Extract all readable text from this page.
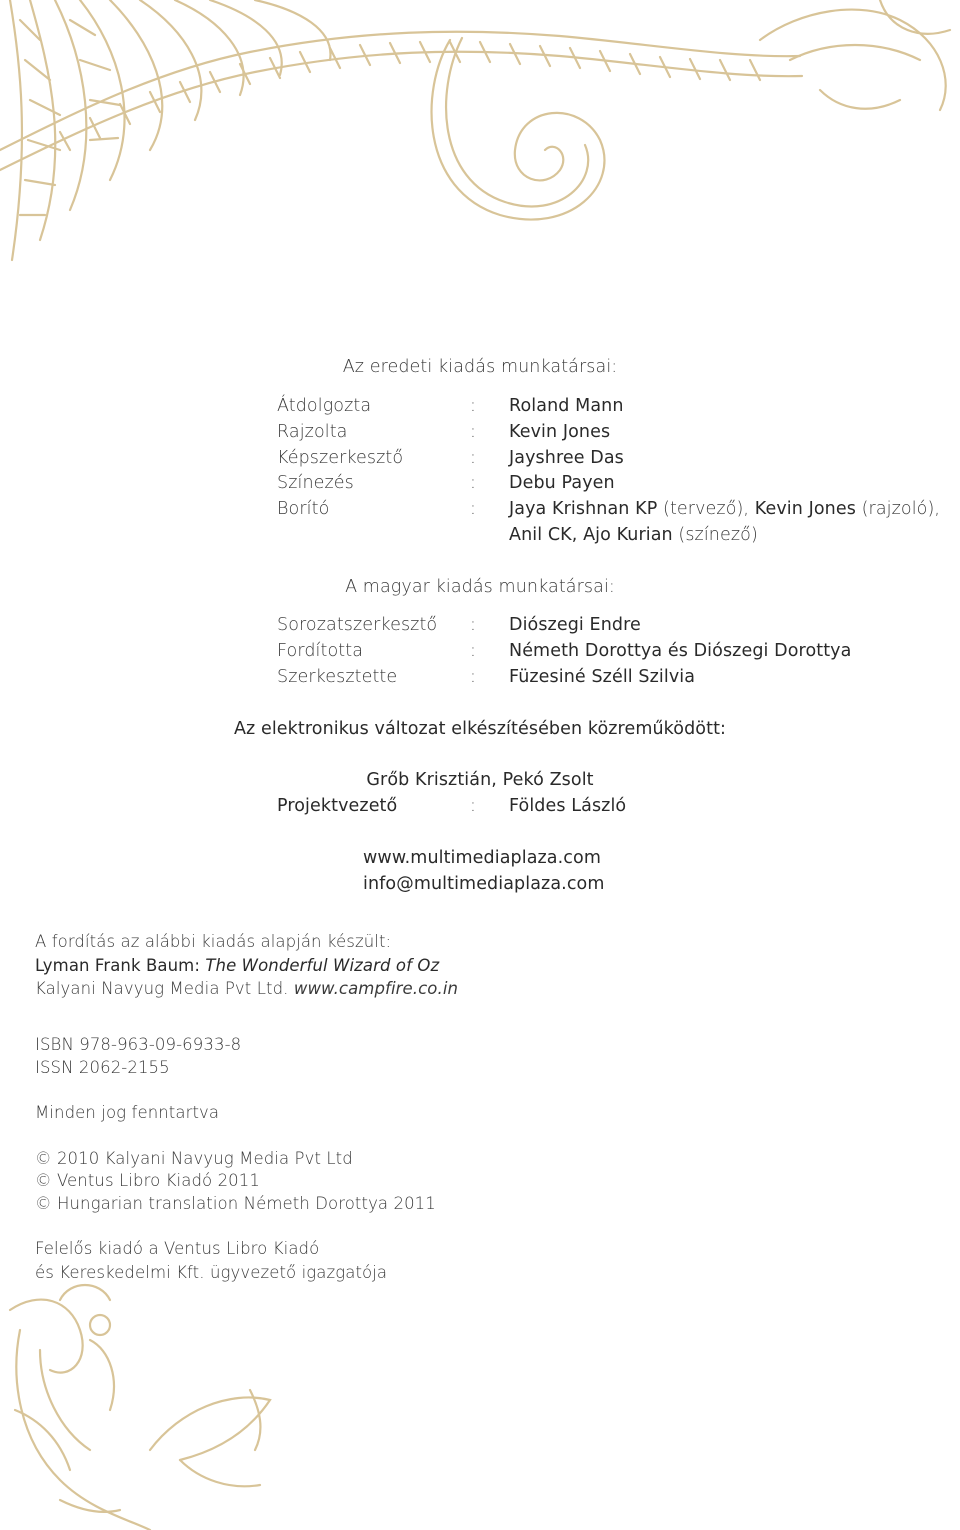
Az eredeti kiadás munkatársai:
Átdolgozta	: Roland Mann
Rajzolta	: Kevin Jones
Képszerkesztő	: Jayshree Das
Színezés	: Debu Payen
Borító	: Jaya Krishnan KP (tervező), Kevin Jones (rajzoló),
Anil CK, Ajo Kurian (színező)
A magyar kiadás munkatársai:
Sorozatszerkesztő : Diószegi Endre
Fordította	: Németh Dorottya és Diószegi Dorottya
Szerkesztette	: Füzesiné Széll Szilvia
Az elektronikus változat elkészítésében közreműködött:
Grőb Krisztián, Pekó Zsolt
Projektvezető	: Földes László
www.multimediaplaza.com
info@multimediaplaza.com
A fordítás az alábbi kiadás alapján készült:
Lyman Frank Baum: The Wonderful Wizard of Oz
Kalyani Navyug Media Pvt Ltd. www.campfire.co.in
ISBN 978-963-09-6933-8
ISSN 2062-2155
Minden jog fenntartva
© 2010 Kalyani Navyug Media Pvt Ltd
© Ventus Libro Kiadó 2011
© Hungarian translation Németh Dorottya 2011
Felelős kiadó a Ventus Libro Kiadó
és Kereskedelmi Kft. ügyvezető igazgatója
